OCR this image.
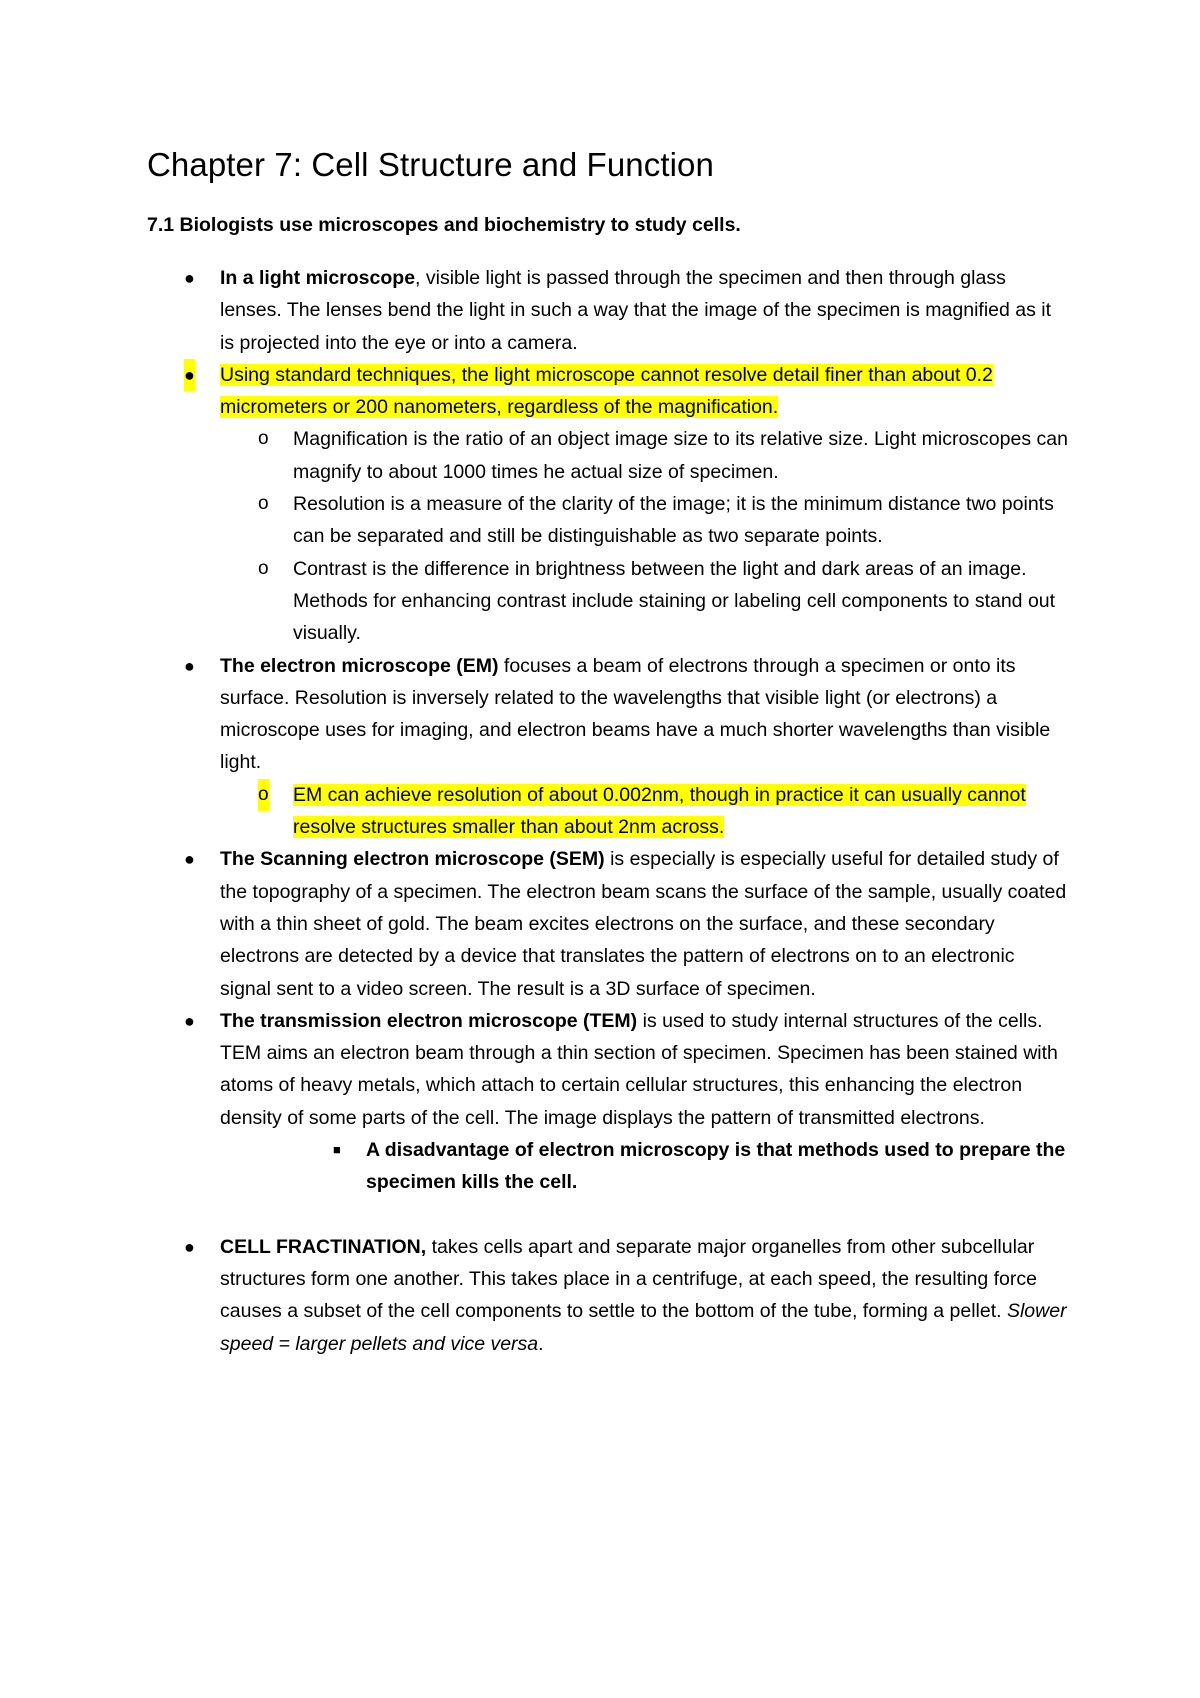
Chapter 7: Cell Structure and Function
7.1 Biologists use microscopes and biochemistry to study cells.
● In a light microscope, visible light is passed through the specimen and then through glass lenses. The lenses bend the light in such a way that the image of the specimen is magnified as it is projected into the eye or into a camera.
● Using standard techniques, the light microscope cannot resolve detail finer than about 0.2 micrometers or 200 nanometers, regardless of the magnification.
o Magnification is the ratio of an object image size to its relative size. Light microscopes can magnify to about 1000 times he actual size of specimen.
o Resolution is a measure of the clarity of the image; it is the minimum distance two points can be separated and still be distinguishable as two separate points.
o Contrast is the difference in brightness between the light and dark areas of an image. Methods for enhancing contrast include staining or labeling cell components to stand out visually.
● The electron microscope (EM) focuses a beam of electrons through a specimen or onto its surface. Resolution is inversely related to the wavelengths that visible light (or electrons) a microscope uses for imaging, and electron beams have a much shorter wavelengths than visible light.
o EM can achieve resolution of about 0.002nm, though in practice it can usually cannot resolve structures smaller than about 2nm across.
● The Scanning electron microscope (SEM) is especially is especially useful for detailed study of the topography of a specimen. The electron beam scans the surface of the sample, usually coated with a thin sheet of gold. The beam excites electrons on the surface, and these secondary electrons are detected by a device that translates the pattern of electrons on to an electronic signal sent to a video screen. The result is a 3D surface of specimen.
● The transmission electron microscope (TEM) is used to study internal structures of the cells. TEM aims an electron beam through a thin section of specimen. Specimen has been stained with atoms of heavy metals, which attach to certain cellular structures, this enhancing the electron density of some parts of the cell. The image displays the pattern of transmitted electrons.
■ A disadvantage of electron microscopy is that methods used to prepare the specimen kills the cell.
● CELL FRACTINATION, takes cells apart and separate major organelles from other subcellular structures form one another. This takes place in a centrifuge, at each speed, the resulting force causes a subset of the cell components to settle to the bottom of the tube, forming a pellet. Slower speed = larger pellets and vice versa.
